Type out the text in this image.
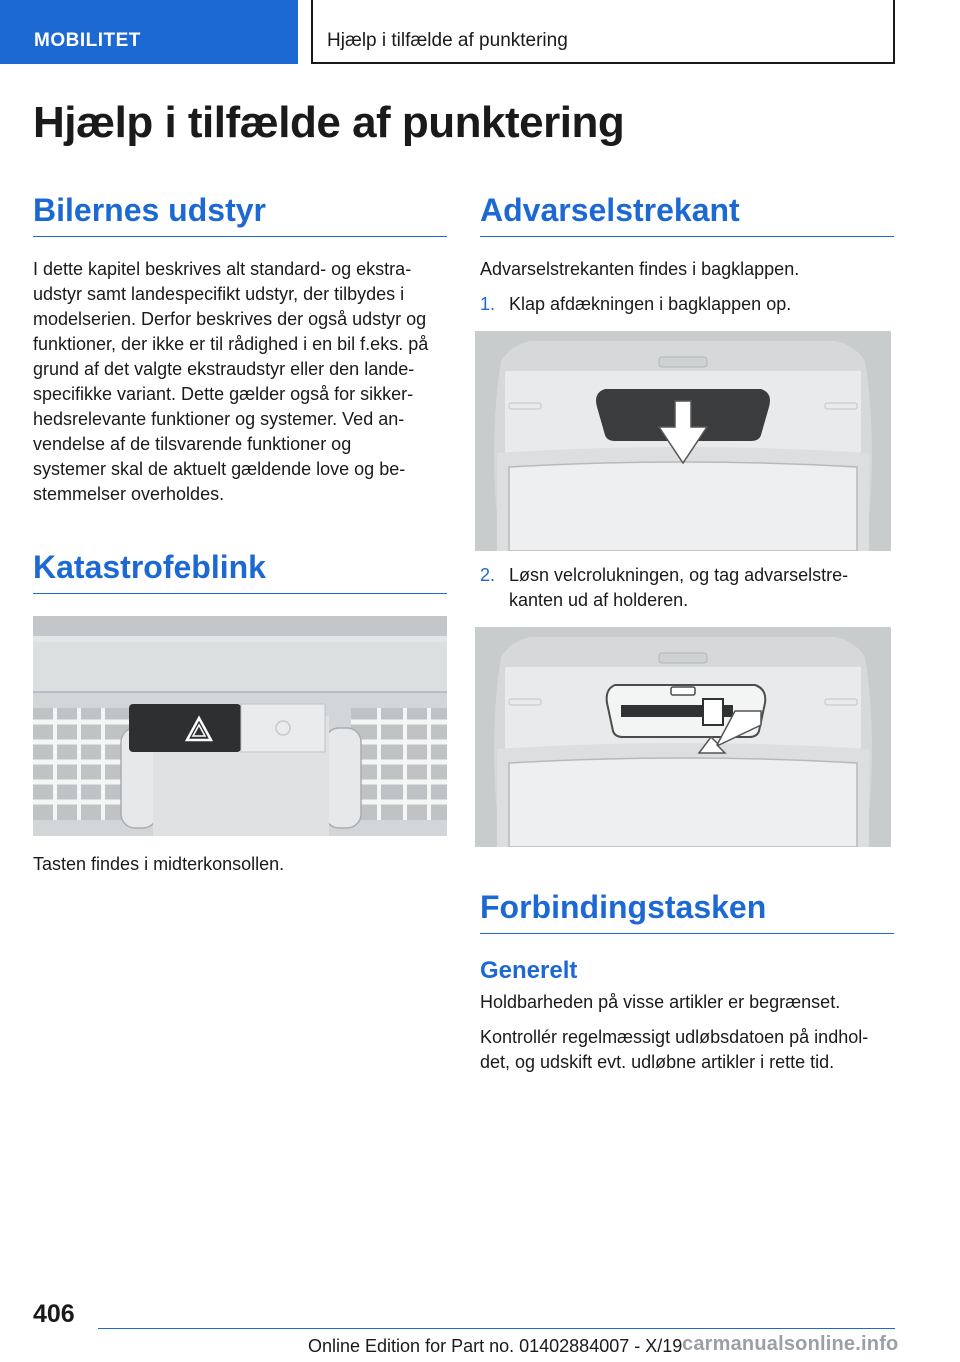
MOBILITET	Hjælp i tilfælde af punktering
Hjælp i tilfælde af punktering
Bilernes udstyr

I dette kapitel beskrives alt standard- og ekstra-
udstyr samt landespecifikt udstyr, der tilbydes i
modelserien. Derfor beskrives der også udstyr og
funktioner, der ikke er til rådighed i en bil f.eks. på
grund af det valgte ekstraudstyr eller den lande-
specifikke variant. Dette gælder også for sikker-
hedsrelevante funktioner og systemer. Ved an-
vendelse af de tilsvarende funktioner og
systemer skal de aktuelt gældende love og be-
stemmelser overholdes.

Katastrofeblink

Tasten findes i midterkonsollen.

Advarselstrekant

Advarselstrekanten findes i bagklappen.

1. Klap afdækningen i bagklappen op.
2. Løsn velcrolukningen, og tag advarselstre-
kanten ud af holderen.
Forbindingstasken
Generelt

Holdbarheden på visse artikler er begrænset.

Kontrollér regelmæssigt udløbsdatoen på indhol-
det, og udskift evt. udløbne artikler i rette tid.

406
Online Edition for Part no. 01402884007 - X/19 carmanualsonline.info
